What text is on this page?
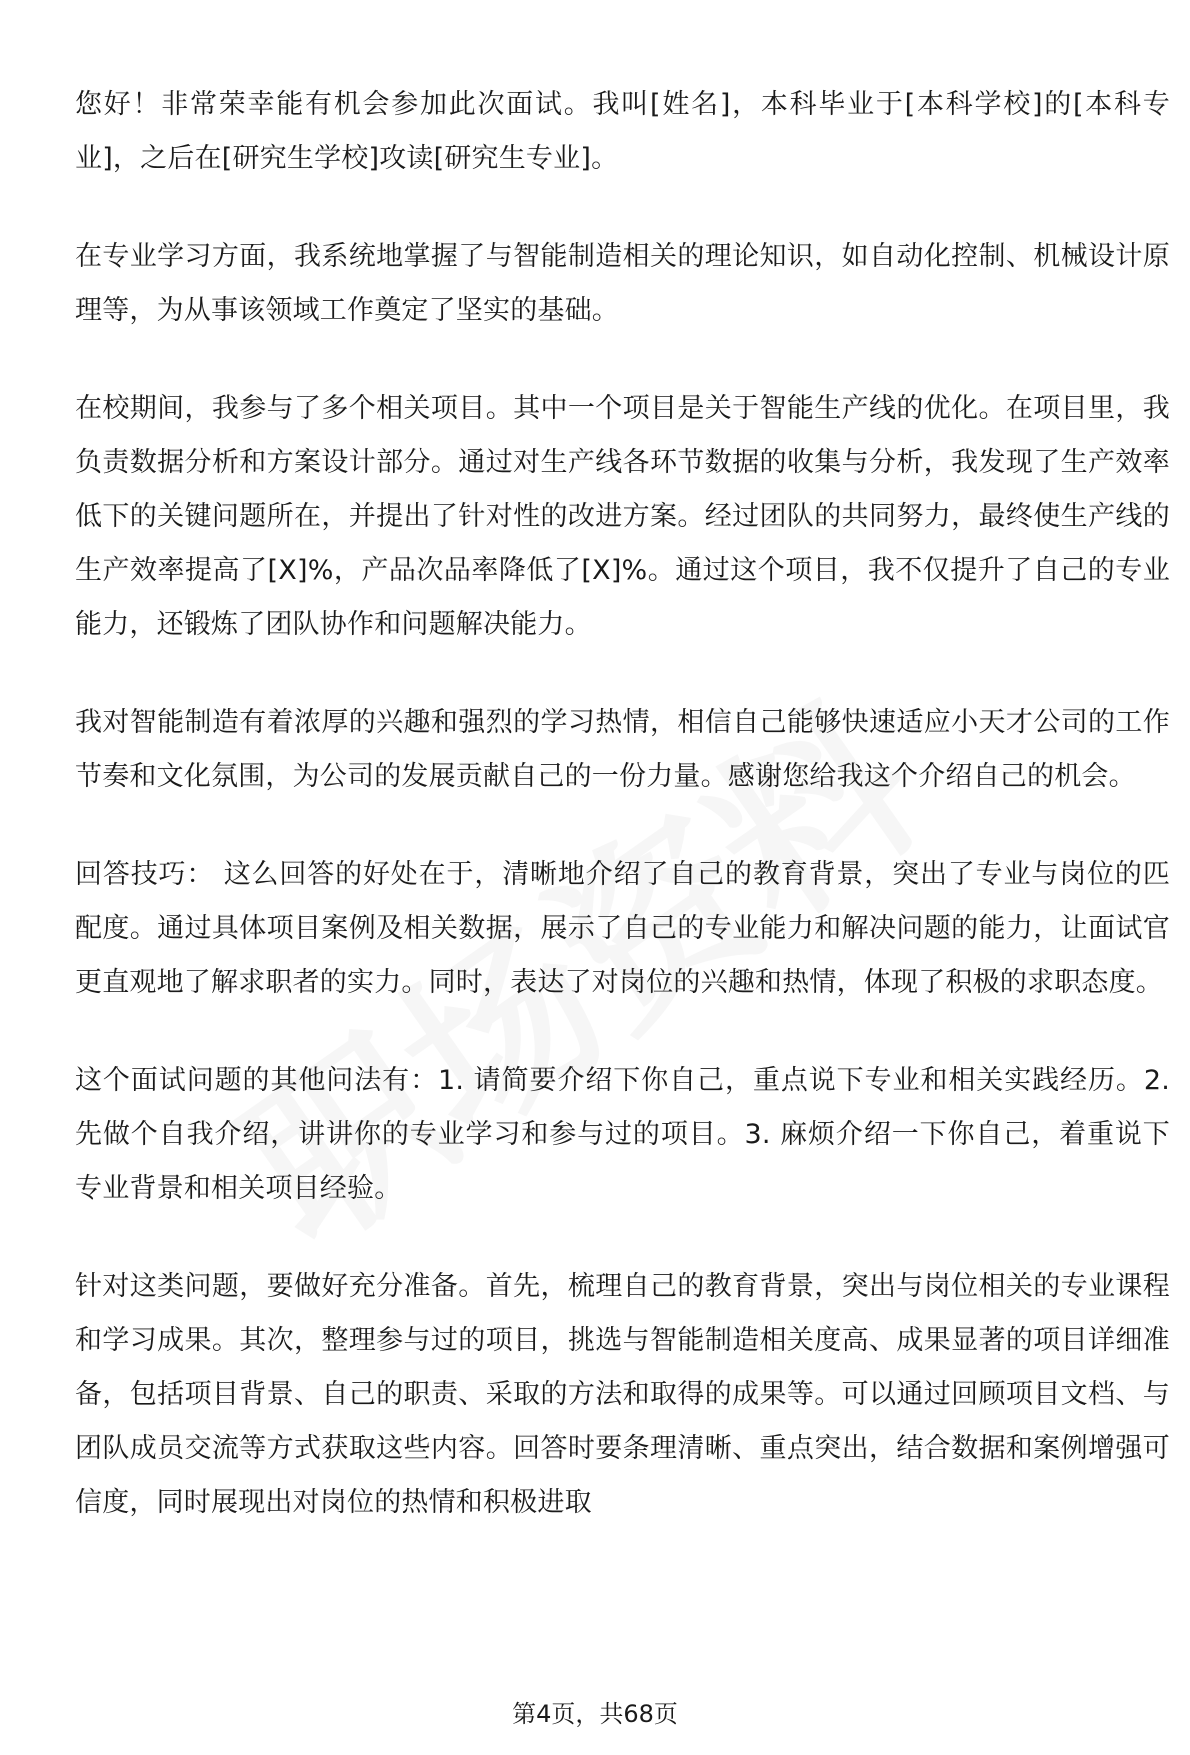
您好！非常荣幸能有机会参加此次面试。我叫[姓名]，本科毕业于[本科学校]的[本科专业]，之后在[研究生学校]攻读[研究生专业]。

在专业学习方面，我系统地掌握了与智能制造相关的理论知识，如自动化控制、机械设计原理等，为从事该领域工作奠定了坚实的基础。

在校期间，我参与了多个相关项目。其中一个项目是关于智能生产线的优化。在项目里，我负责数据分析和方案设计部分。通过对生产线各环节数据的收集与分析，我发现了生产效率低下的关键问题所在，并提出了针对性的改进方案。经过团队的共同努力，最终使生产线的生产效率提高了[X]%，产品次品率降低了[X]%。通过这个项目，我不仅提升了自己的专业能力，还锻炼了团队协作和问题解决能力。

我对智能制造有着浓厚的兴趣和强烈的学习热情，相信自己能够快速适应小天才公司的工作节奏和文化氛围，为公司的发展贡献自己的一份力量。感谢您给我这个介绍自己的机会。

回答技巧： 这么回答的好处在于，清晰地介绍了自己的教育背景，突出了专业与岗位的匹配度。通过具体项目案例及相关数据，展示了自己的专业能力和解决问题的能力，让面试官更直观地了解求职者的实力。同时，表达了对岗位的兴趣和热情，体现了积极的求职态度。

这个面试问题的其他问法有：1. 请简要介绍下你自己，重点说下专业和相关实践经历。2. 先做个自我介绍，讲讲你的专业学习和参与过的项目。3. 麻烦介绍一下你自己，着重说下专业背景和相关项目经验。

针对这类问题，要做好充分准备。首先，梳理自己的教育背景，突出与岗位相关的专业课程和学习成果。其次，整理参与过的项目，挑选与智能制造相关度高、成果显著的项目详细准备，包括项目背景、自己的职责、采取的方法和取得的成果等。可以通过回顾项目文档、与团队成员交流等方式获取这些内容。回答时要条理清晰、重点突出，结合数据和案例增强可信度，同时展现出对岗位的热情和积极进取

第4页，共68页
